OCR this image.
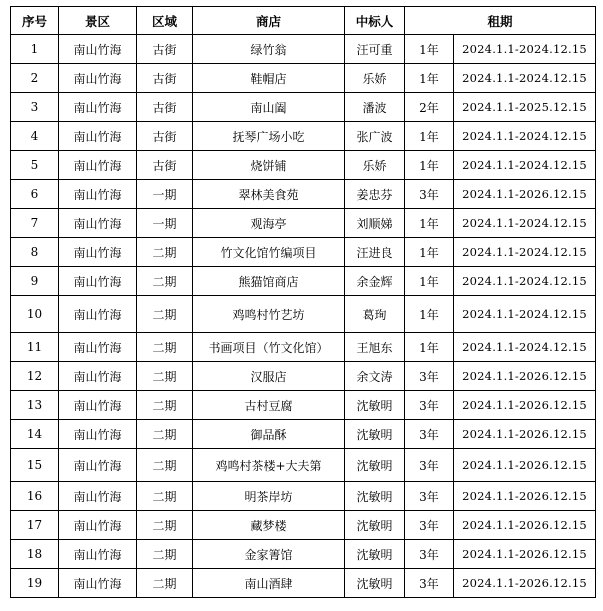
序号	景区	区域	商店	中标人	租期	
1	南山竹海	古街	绿竹翁	汪可重	1年	2024.1.1-2024.12.15
2	南山竹海	古街	鞋帽店	乐娇	1年	2024.1.1-2024.12.15
3	南山竹海	古街	南山阖	潘波	2年	2024.1.1-2025.12.15
4	南山竹海	古街	抚琴广场小吃	张广波	1年	2024.1.1-2024.12.15
5	南山竹海	古街	烧饼铺	乐娇	1年	2024.1.1-2024.12.15
6	南山竹海	一期	翠林美食苑	姜忠芬	3年	2024.1.1-2026.12.15
7	南山竹海	一期	观海亭	刘顺娣	1年	2024.1.1-2024.12.15
8	南山竹海	二期	竹文化馆竹编项目	汪进良	1年	2024.1.1-2024.12.15
9	南山竹海	二期	熊猫馆商店	余金辉	1年	2024.1.1-2024.12.15
10	南山竹海	二期	鸡鸣村竹艺坊	葛珣	1年	2024.1.1-2024.12.15
11	南山竹海	二期	书画项目（竹文化馆）	王旭东	1年	2024.1.1-2024.12.15
12	南山竹海	二期	汉服店	余文涛	3年	2024.1.1-2026.12.15
13	南山竹海	二期	古村豆腐	沈敏明	3年	2024.1.1-2026.12.15
14	南山竹海	二期	御品酥	沈敏明	3年	2024.1.1-2026.12.15
15	南山竹海	二期	鸡鸣村茶楼+大夫第	沈敏明	3年	2024.1.1-2026.12.15
16	南山竹海	二期	明茶岸坊	沈敏明	3年	2024.1.1-2026.12.15
17	南山竹海	二期	藏梦楼	沈敏明	3年	2024.1.1-2026.12.15
18	南山竹海	二期	金家箐馆	沈敏明	3年	2024.1.1-2026.12.15
19	南山竹海	二期	南山酒肆	沈敏明	3年	2024.1.1-2026.12.15
